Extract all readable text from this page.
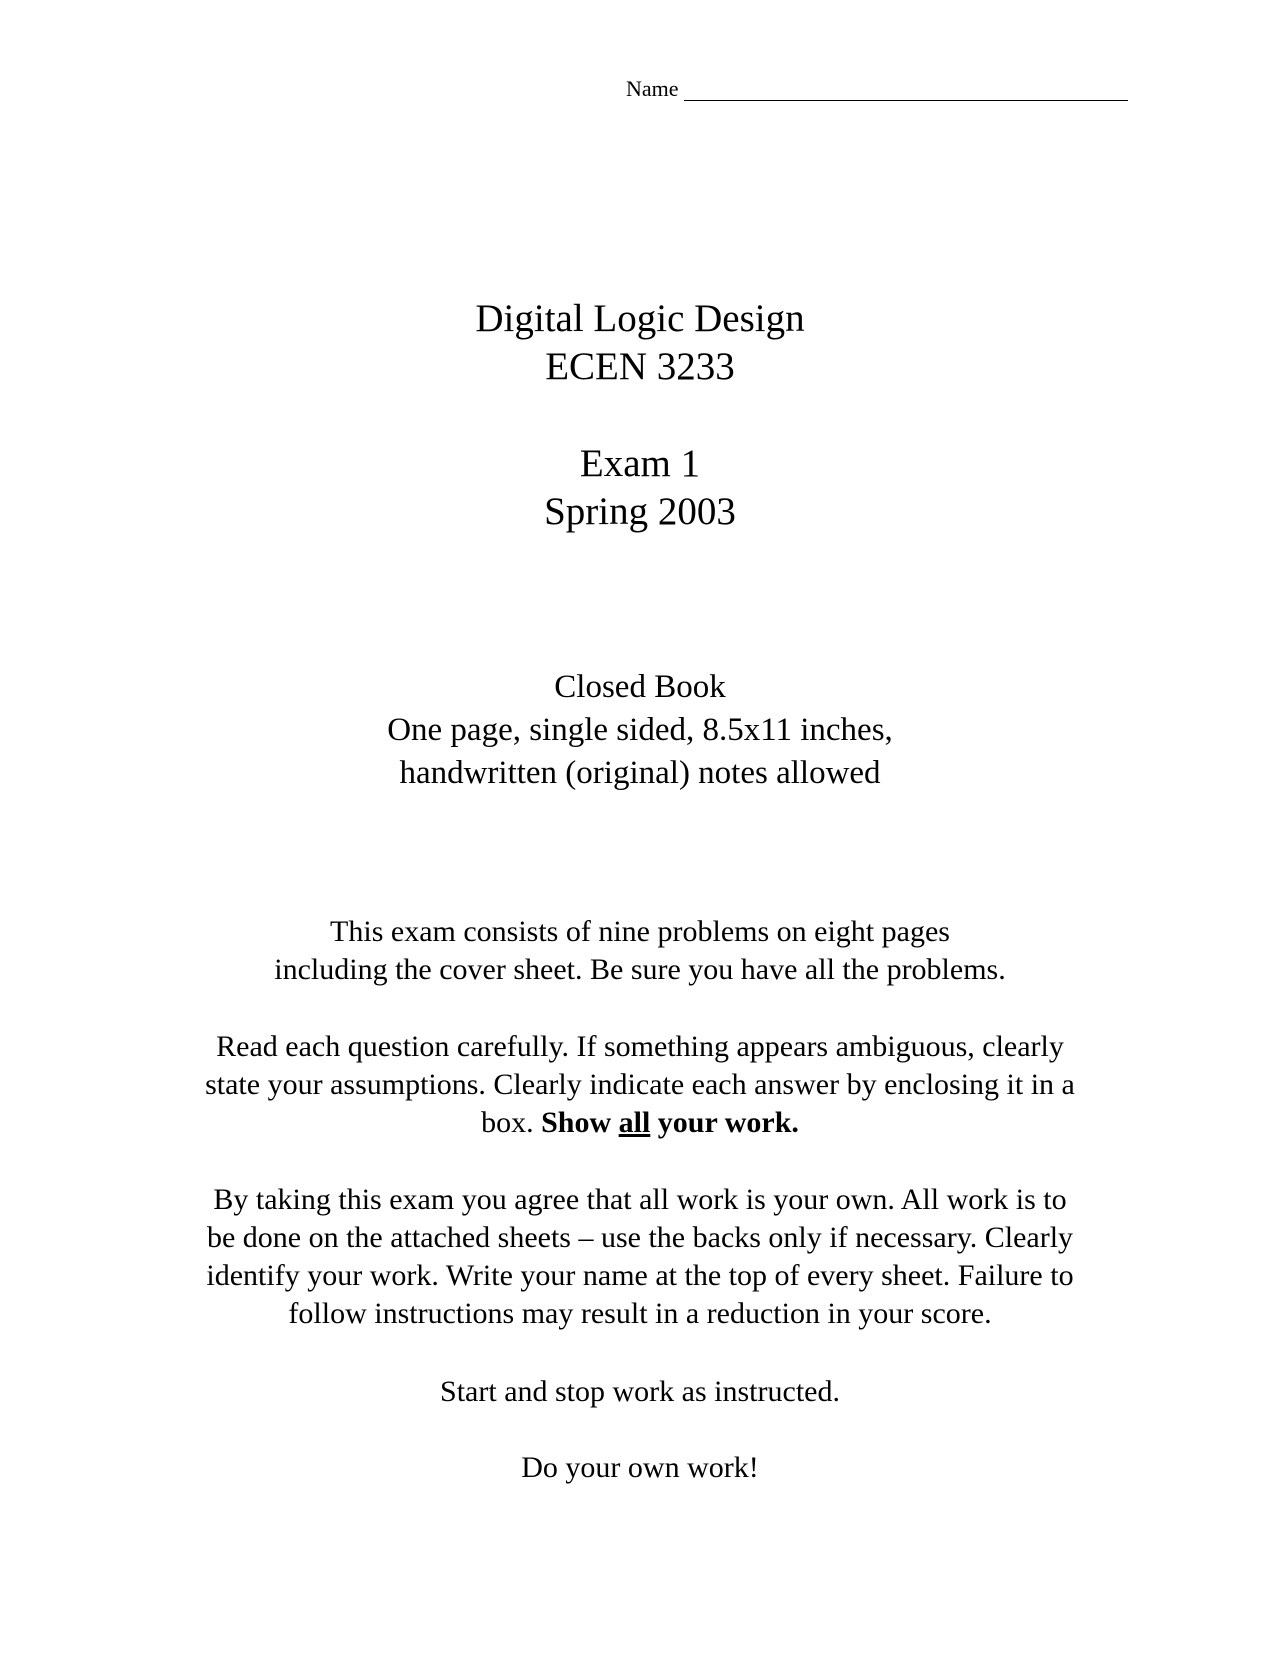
Name
Digital Logic Design
ECEN 3233
Exam 1
Spring 2003
Closed Book
One page, single sided, 8.5x11 inches,
handwritten (original) notes allowed
This exam consists of nine problems on eight pages
including the cover sheet. Be sure you have all the problems.
Read each question carefully. If something appears ambiguous, clearly
state your assumptions. Clearly indicate each answer by enclosing it in a
box. Show all your work.
By taking this exam you agree that all work is your own. All work is to
be done on the attached sheets – use the backs only if necessary. Clearly
identify your work. Write your name at the top of every sheet. Failure to
follow instructions may result in a reduction in your score.
Start and stop work as instructed.
Do your own work!
